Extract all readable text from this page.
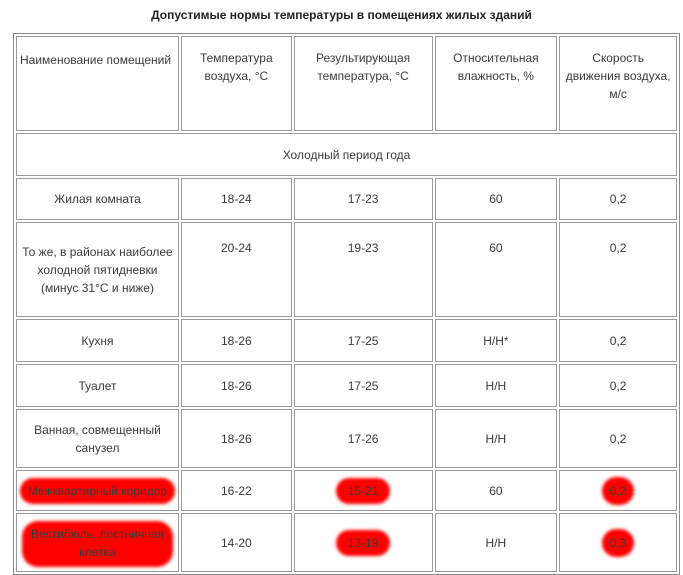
Допустимые нормы температуры в помещениях жилых зданий
Наименование помещений	Температура воздуха, °С	Результирующая температура, °С	Относительная влажность, %	Скорость движения воздуха, м/с
Холодный период года				
Жилая комната	18-24	17-23	60	0,2
То же, в районах наиболее холодной пятидневки (минус 31°С и ниже)	20-24	19-23	60	0,2
Кухня	18-26	17-25	Н/Н*	0,2
Туалет	18-26	17-25	Н/Н	0,2
Ванная, совмещенный санузел	18-26	17-26	Н/Н	0,2
Межквартирный коридор	16-22	15-21	60	0,2
Вестибюль, лестничная клетка	14-20	13-19	Н/Н	0,3
